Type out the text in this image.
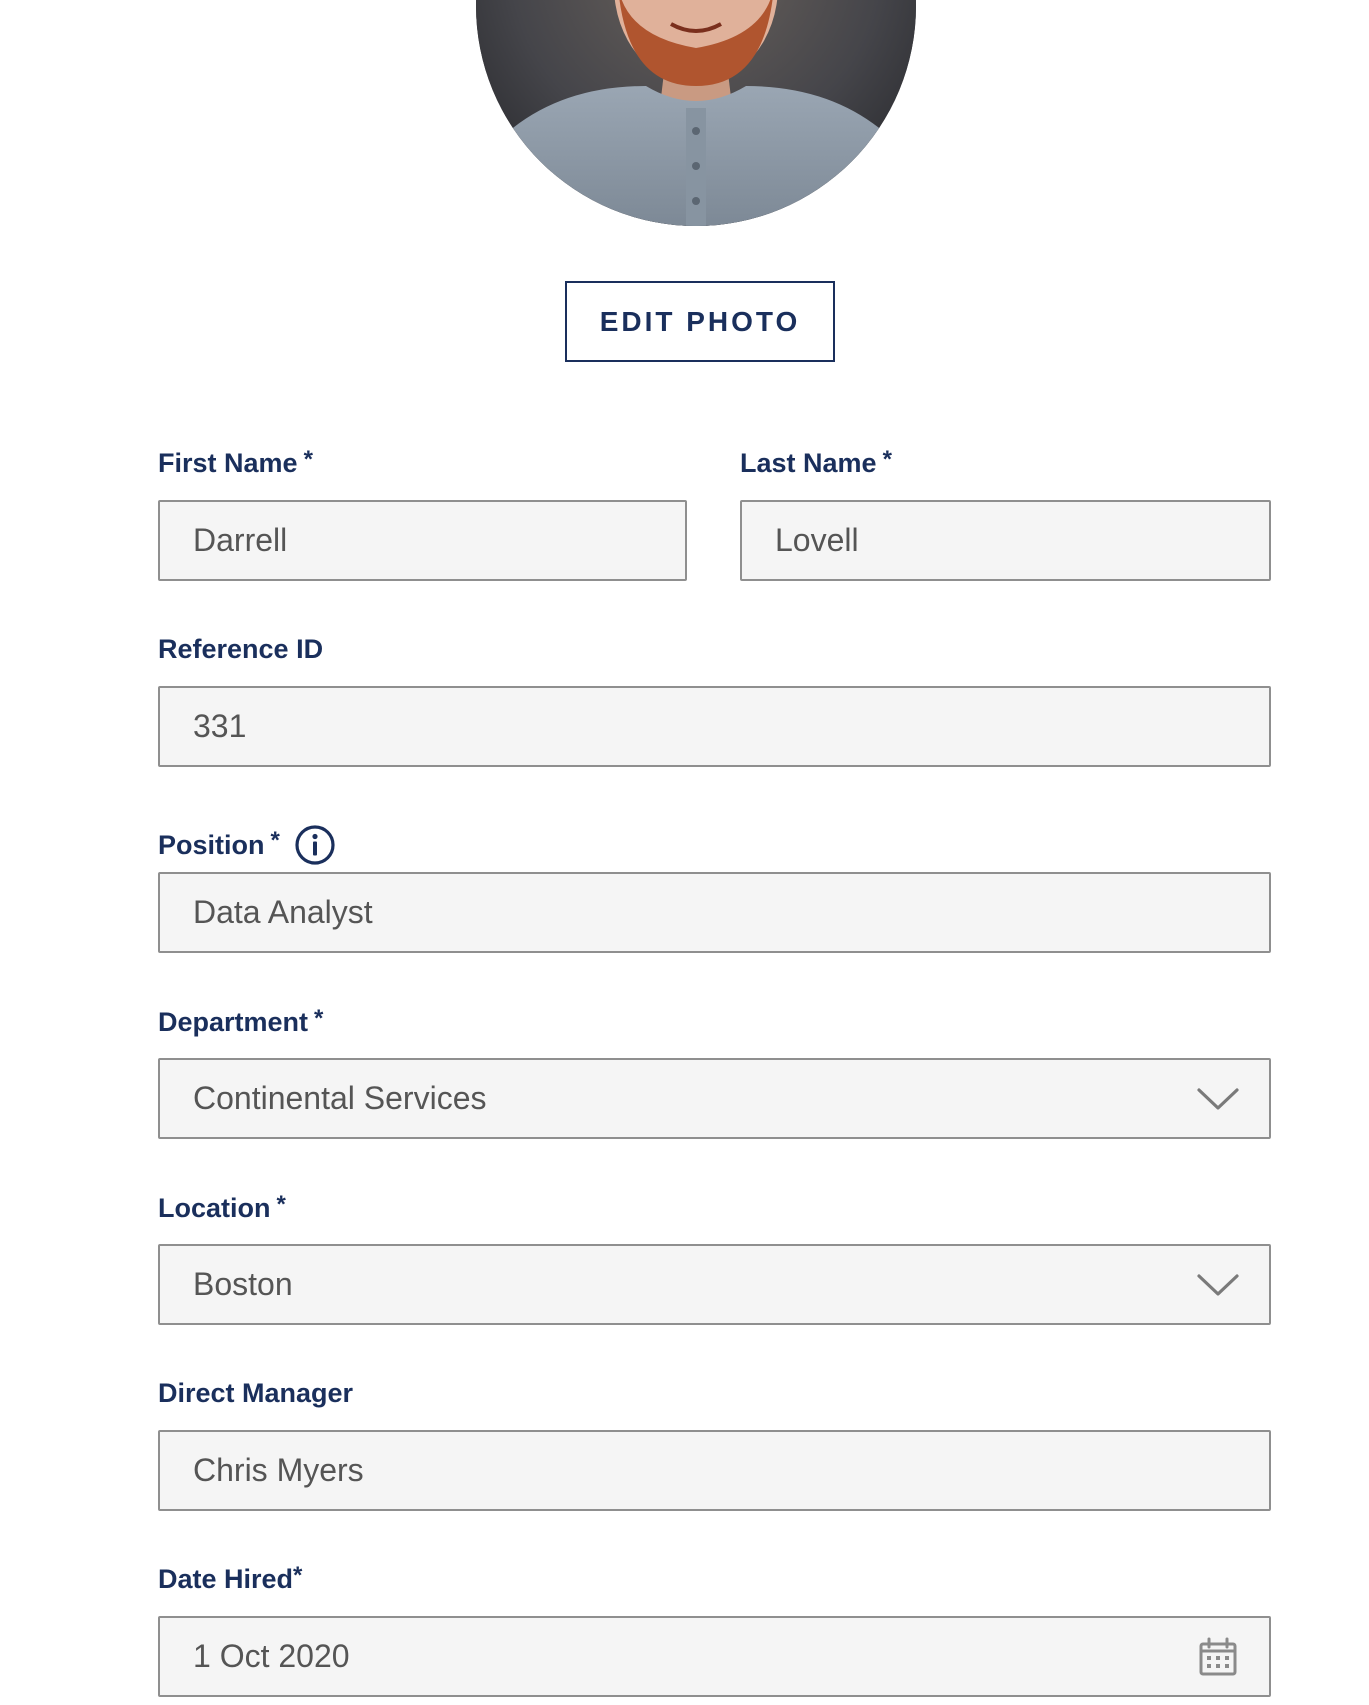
EDIT PHOTO
First Name *
Darrell
Last Name *
Lovell
Reference ID
331
Position *
Data Analyst
Department *
Continental Services
Location *
Boston
Direct Manager
Chris Myers
Date Hired *
1 Oct 2020
